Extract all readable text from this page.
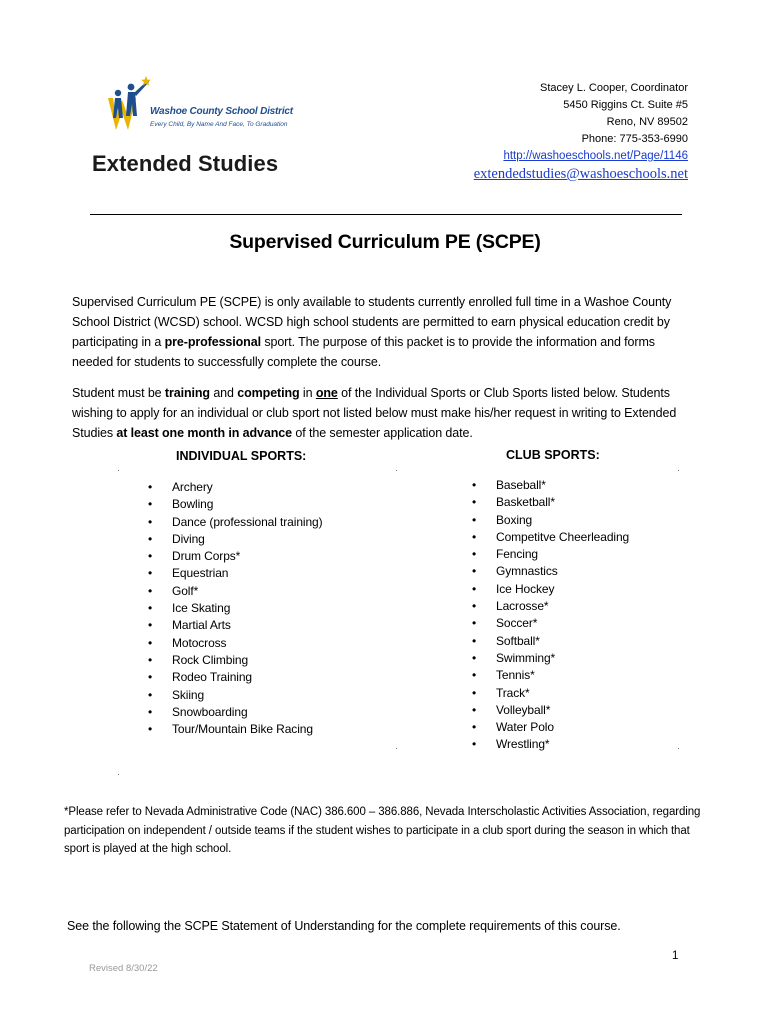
Washoe County School District
Every Child, By Name And Face, To Graduation
Extended Studies
Stacey L. Cooper, Coordinator
5450 Riggins Ct. Suite #5
Reno, NV 89502
Phone: 775-353-6990
http://washoeschools.net/Page/1146
extendedstudies@washoeschools.net
Supervised Curriculum PE (SCPE)
Supervised Curriculum PE (SCPE) is only available to students currently enrolled full time in a Washoe County School District (WCSD) school. WCSD high school students are permitted to earn physical education credit by participating in a pre-professional sport. The purpose of this packet is to provide the information and forms needed for students to successfully complete the course.
Student must be training and competing in one of the Individual Sports or Club Sports listed below. Students wishing to apply for an individual or club sport not listed below must make his/her request in writing to Extended Studies at least one month in advance of the semester application date.
INDIVIDUAL SPORTS:	CLUB SPORTS:
• Archery
• Bowling
• Dance (professional training)
• Diving
• Drum Corps*
• Equestrian
• Golf*
• Ice Skating
• Martial Arts
• Motocross
• Rock Climbing
• Rodeo Training
• Skiing
• Snowboarding
• Tour/Mountain Bike Racing
• Baseball*
• Basketball*
• Boxing
• Competitve Cheerleading
• Fencing
• Gymnastics
• Ice Hockey
• Lacrosse*
• Soccer*
• Softball*
• Swimming*
• Tennis*
• Track*
• Volleyball*
• Water Polo
• Wrestling*
*Please refer to Nevada Administrative Code (NAC) 386.600 – 386.886, Nevada Interscholastic Activities Association, regarding participation on independent / outside teams if the student wishes to participate in a club sport during the season in which that sport is played at the high school.
See the following the SCPE Statement of Understanding for the complete requirements of this course.
1
Revised 8/30/22
